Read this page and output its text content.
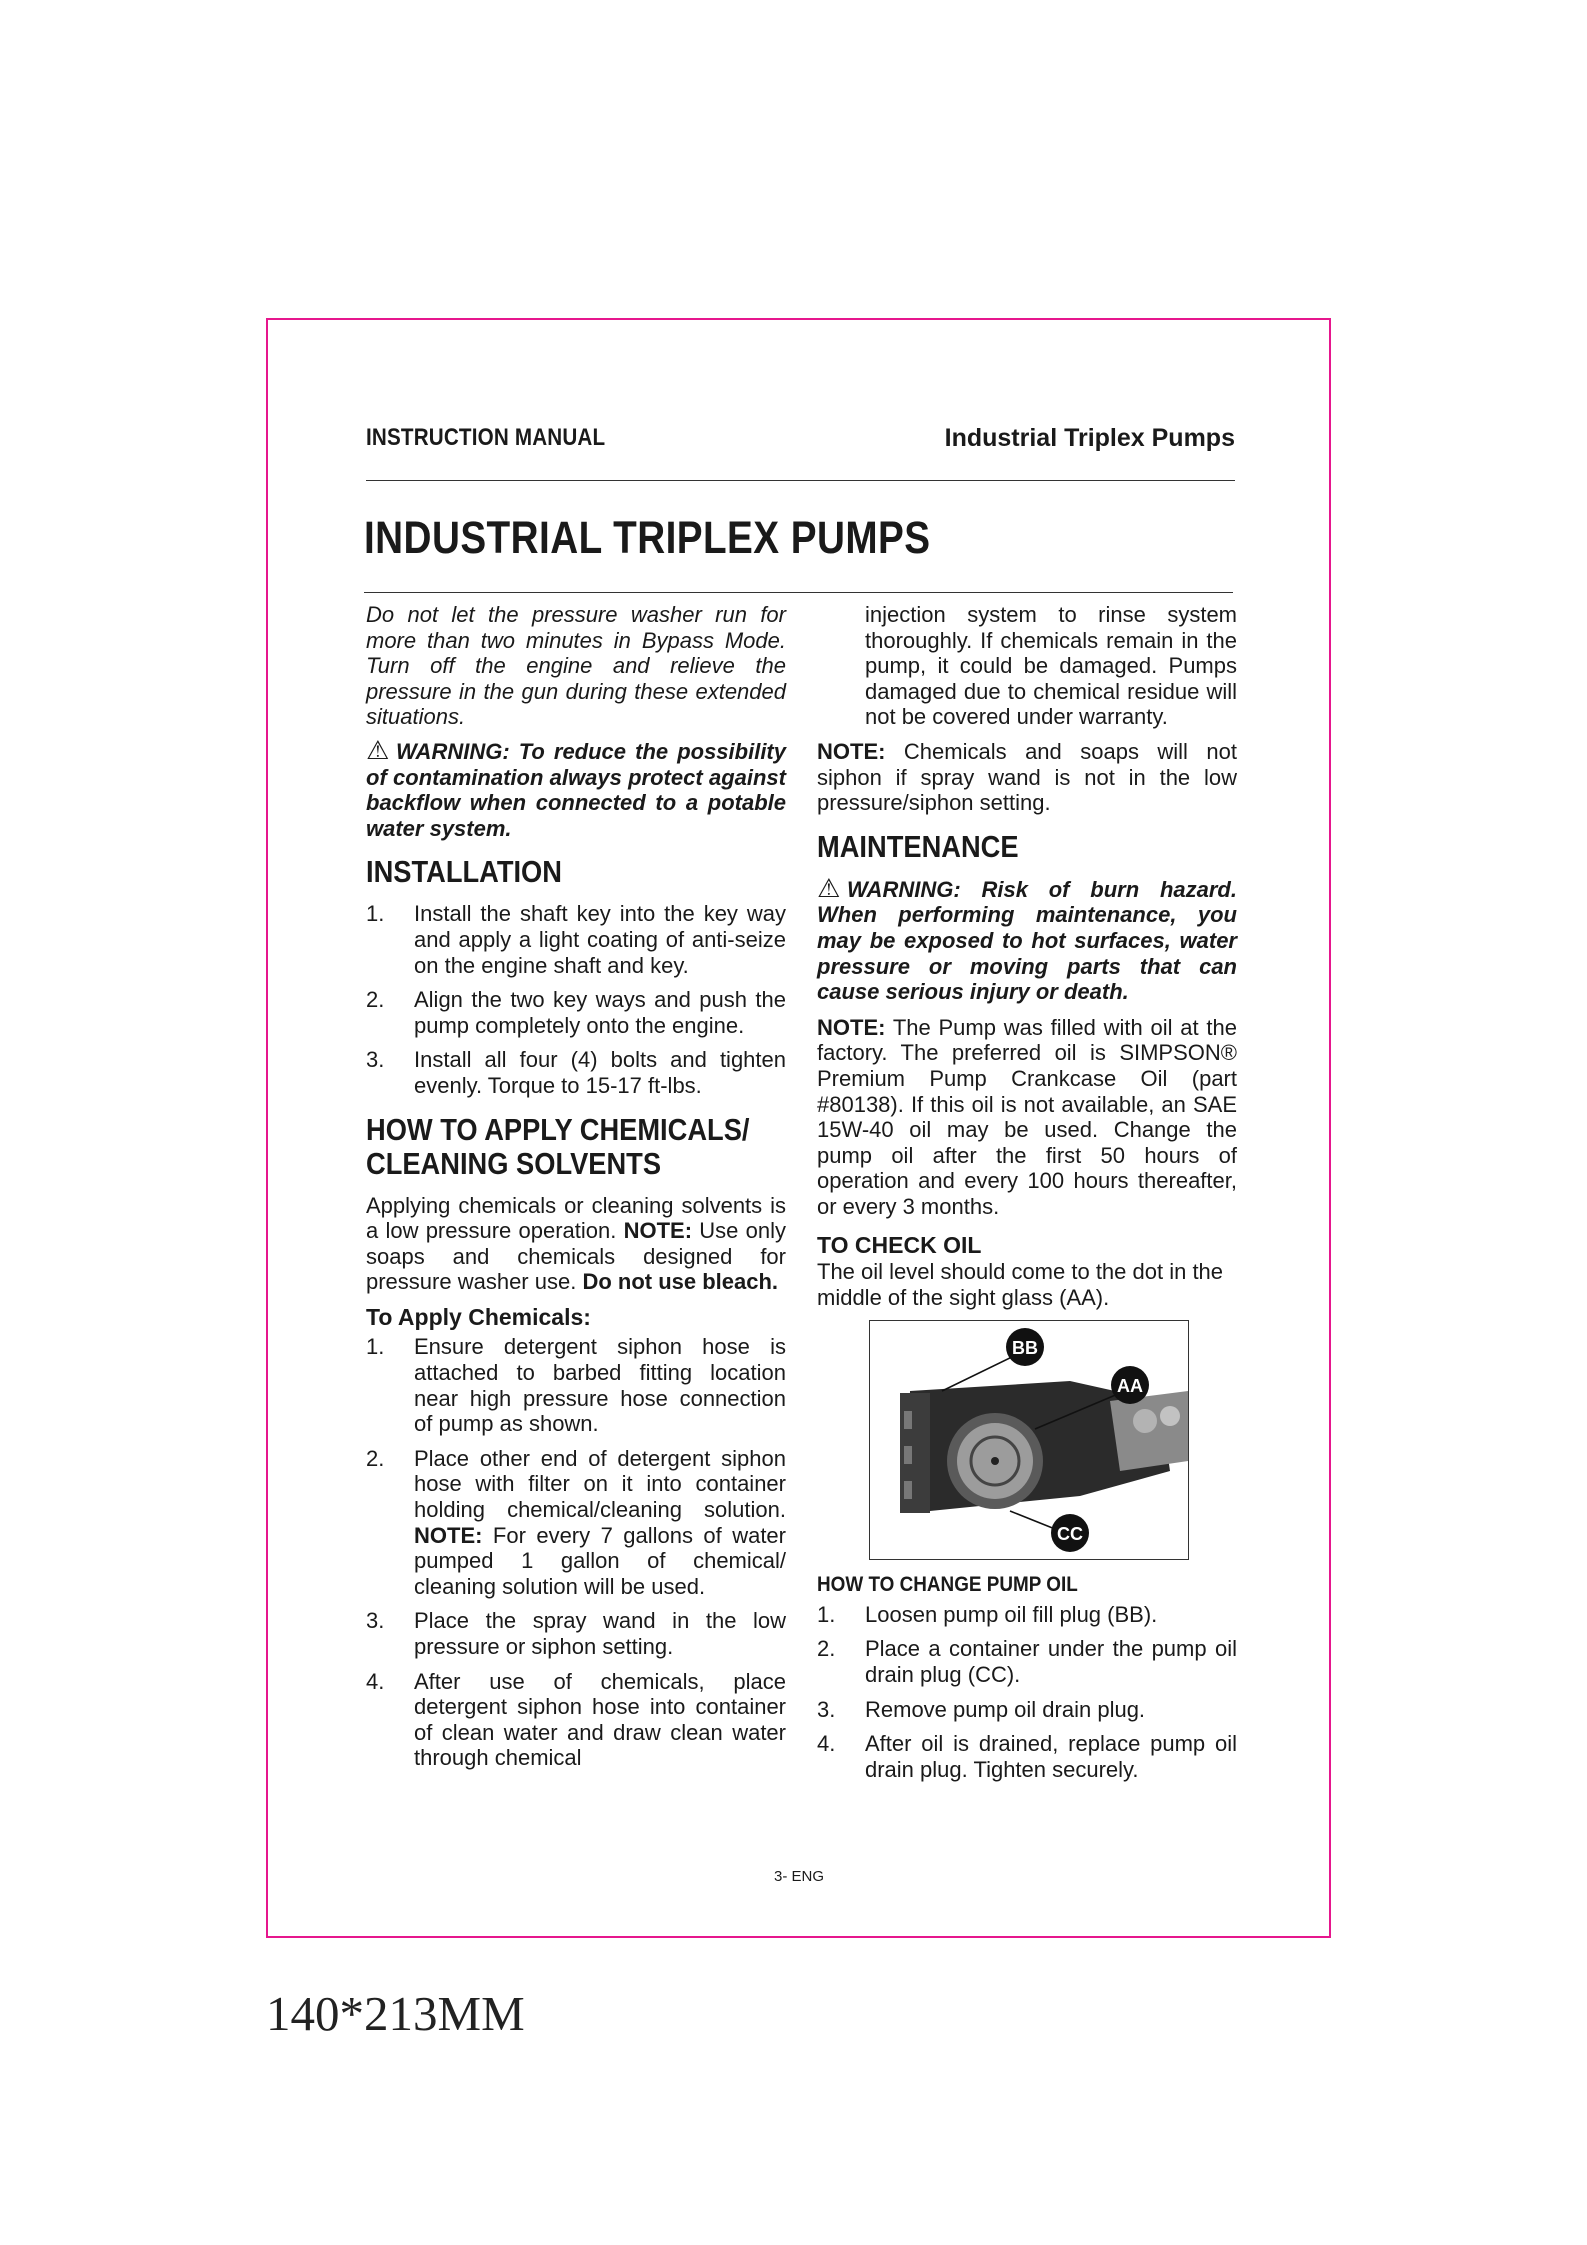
INSTRUCTION MANUAL	Industrial Triplex Pumps
INDUSTRIAL TRIPLEX PUMPS

Do not let the pressure washer run for more than two minutes in Bypass Mode. Turn off the engine and relieve the pressure in the gun during these extended situations.

⚠ WARNING: To reduce the possibility of contamination always protect against backflow when connected to a potable water system.

INSTALLATION
1. Install the shaft key into the key way and apply a light coating of anti-seize on the engine shaft and key.
2. Align the two key ways and push the pump completely onto the engine.
3. Install all four (4) bolts and tighten evenly. Torque to 15-17 ft-lbs.
HOW TO APPLY CHEMICALS/ CLEANING SOLVENTS

Applying chemicals or cleaning solvents is a low pressure operation. NOTE: Use only soaps and chemicals designed for pressure washer use. Do not use bleach.

To Apply Chemicals:
1. Ensure detergent siphon hose is attached to barbed fitting location near high pressure hose connection of pump as shown.
2. Place other end of detergent siphon hose with filter on it into container holding chemical/cleaning solution. NOTE: For every 7 gallons of water pumped 1 gallon of chemical/ cleaning solution will be used.
3. Place the spray wand in the low pressure or siphon setting.
4. After use of chemicals, place detergent siphon hose into container of clean water and draw clean water through chemical
injection system to rinse system thoroughly. If chemicals remain in the pump, it could be damaged. Pumps damaged due to chemical residue will not be covered under warranty.

NOTE: Chemicals and soaps will not siphon if spray wand is not in the low pressure/siphon setting.

MAINTENANCE

⚠ WARNING: Risk of burn hazard. When performing maintenance, you may be exposed to hot surfaces, water pressure or moving parts that can cause serious injury or death.

NOTE: The Pump was filled with oil at the factory. The preferred oil is SIMPSON® Premium Pump Crankcase Oil (part #80138). If this oil is not available, an SAE 15W-40 oil may be used. Change the pump oil after the first 50 hours of operation and every 100 hours thereafter, or every 3 months.

TO CHECK OIL

The oil level should come to the dot in the middle of the sight glass (AA).

BB
AA
CC
HOW TO CHANGE PUMP OIL
1. Loosen pump oil fill plug (BB).
2. Place a container under the pump oil drain plug (CC).
3. Remove pump oil drain plug.
4. After oil is drained, replace pump oil drain plug. Tighten securely.
3- ENG
140*213MM
